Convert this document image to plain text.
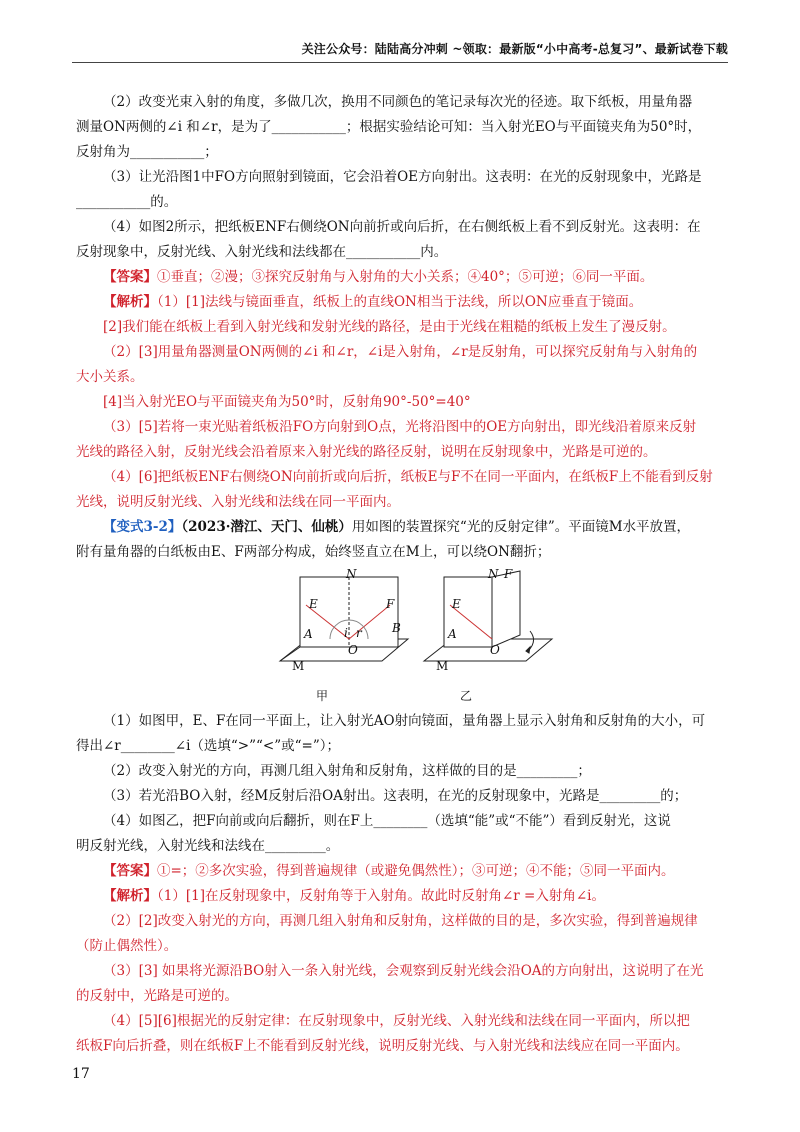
关注公众号：陆陆高分冲刺 ~领取：最新版“小中高考-总复习”、最新试卷下载

（2）改变光束入射的角度，多做几次，换用不同颜色的笔记录每次光的径迹。取下纸板，用量角器

测量ON两侧的∠i 和∠r，是为了___________；根据实验结论可知：当入射光EO与平面镜夹角为50°时，

反射角为___________；

（3）让光沿图1中FO方向照射到镜面，它会沿着OE方向射出。这表明：在光的反射现象中，光路是

___________的。

（4）如图2所示，把纸板ENF右侧绕ON向前折或向后折，在右侧纸板上看不到反射光。这表明：在

反射现象中，反射光线、入射光线和法线都在___________内。

【答案】①垂直；②漫；③探究反射角与入射角的大小关系；④40°；⑤可逆；⑥同一平面。

【解析】（1）[1]法线与镜面垂直，纸板上的直线ON相当于法线，所以ON应垂直于镜面。

[2]我们能在纸板上看到入射光线和发射光线的路径，是由于光线在粗糙的纸板上发生了漫反射。

（2）[3]用量角器测量ON两侧的∠i 和∠r，∠i是入射角，∠r是反射角，可以探究反射角与入射角的

大小关系。

[4]当入射光EO与平面镜夹角为50°时，反射角90°-50°=40°

（3）[5]若将一束光贴着纸板沿FO方向射到O点，光将沿图中的OE方向射出，即光线沿着原来反射

光线的路径入射，反射光线会沿着原来入射光线的路径反射，说明在反射现象中，光路是可逆的。

（4）[6]把纸板ENF右侧绕ON向前折或向后折，纸板E与F不在同一平面内，在纸板F上不能看到反射

光线，说明反射光线、入射光线和法线在同一平面内。

【变式3-2】（2023·潜江、天门、仙桃）用如图的装置探究“光的反射定律”。平面镜M水平放置，

附有量角器的白纸板由E、F两部分构成，始终竖直立在M上，可以绕ON翻折；

甲	乙
E
N
F
A	B
i r
O
M
E
N F
A
O
M

（1）如图甲，E、F在同一平面上，让入射光AO射向镜面，量角器上显示入射角和反射角的大小，可

得出∠r________∠i（选填“>”“<”或“=”）；

（2）改变入射光的方向，再测几组入射角和反射角，这样做的目的是_________；

（3）若光沿BO入射，经M反射后沿OA射出。这表明，在光的反射现象中，光路是_________的；

（4）如图乙，把F向前或向后翻折，则在F上________（选填“能”或“不能”）看到反射光，这说

明反射光线，入射光线和法线在_________。

【答案】①=；②多次实验，得到普遍规律（或避免偶然性）；③可逆；④不能；⑤同一平面内。

【解析】（1）[1]在反射现象中，反射角等于入射角。故此时反射角∠r =入射角∠i。

（2）[2]改变入射光的方向，再测几组入射角和反射角，这样做的目的是，多次实验，得到普遍规律

（防止偶然性）。

（3）[3] 如果将光源沿BO射入一条入射光线，会观察到反射光线会沿OA的方向射出，这说明了在光

的反射中，光路是可逆的。

（4）[5][6]根据光的反射定律：在反射现象中，反射光线、入射光线和法线在同一平面内，所以把

纸板F向后折叠，则在纸板F上不能看到反射光线，说明反射光线、与入射光线和法线应在同一平面内。

17
